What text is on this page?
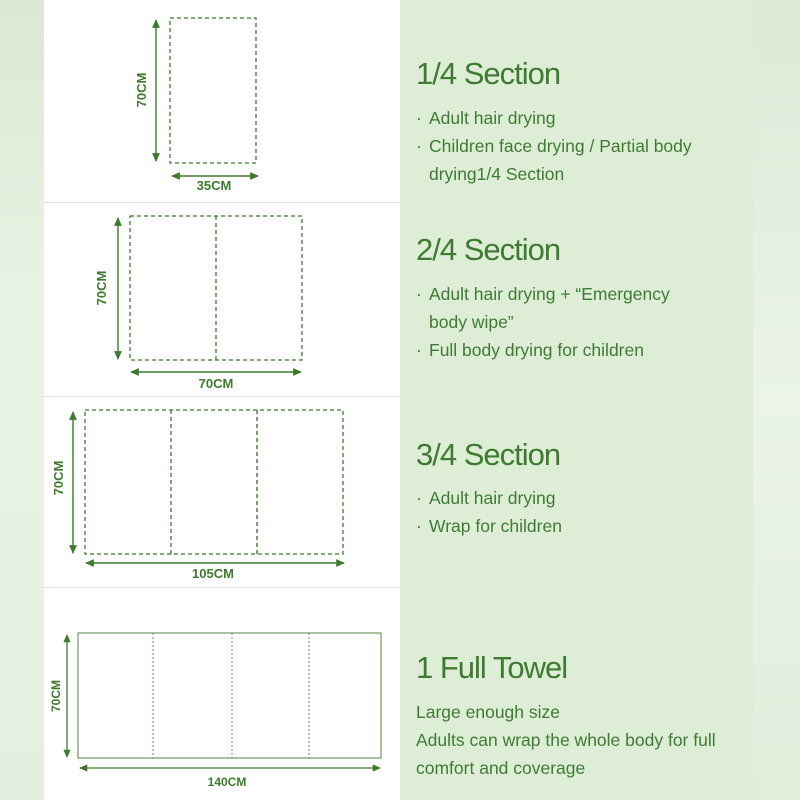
70CM
35CM
70CM
70CM
70CM
105CM
70CM
140CM
1/4 Section
· Adult hair drying
· Children face drying / Partial body drying1/4 Section
2/4 Section
· Adult hair drying + “Emergency body wipe”
· Full body drying for children
3/4 Section
· Adult hair drying
· Wrap for children
1 Full Towel

Large enough size

Adults can wrap the whole body for full comfort and coverage
